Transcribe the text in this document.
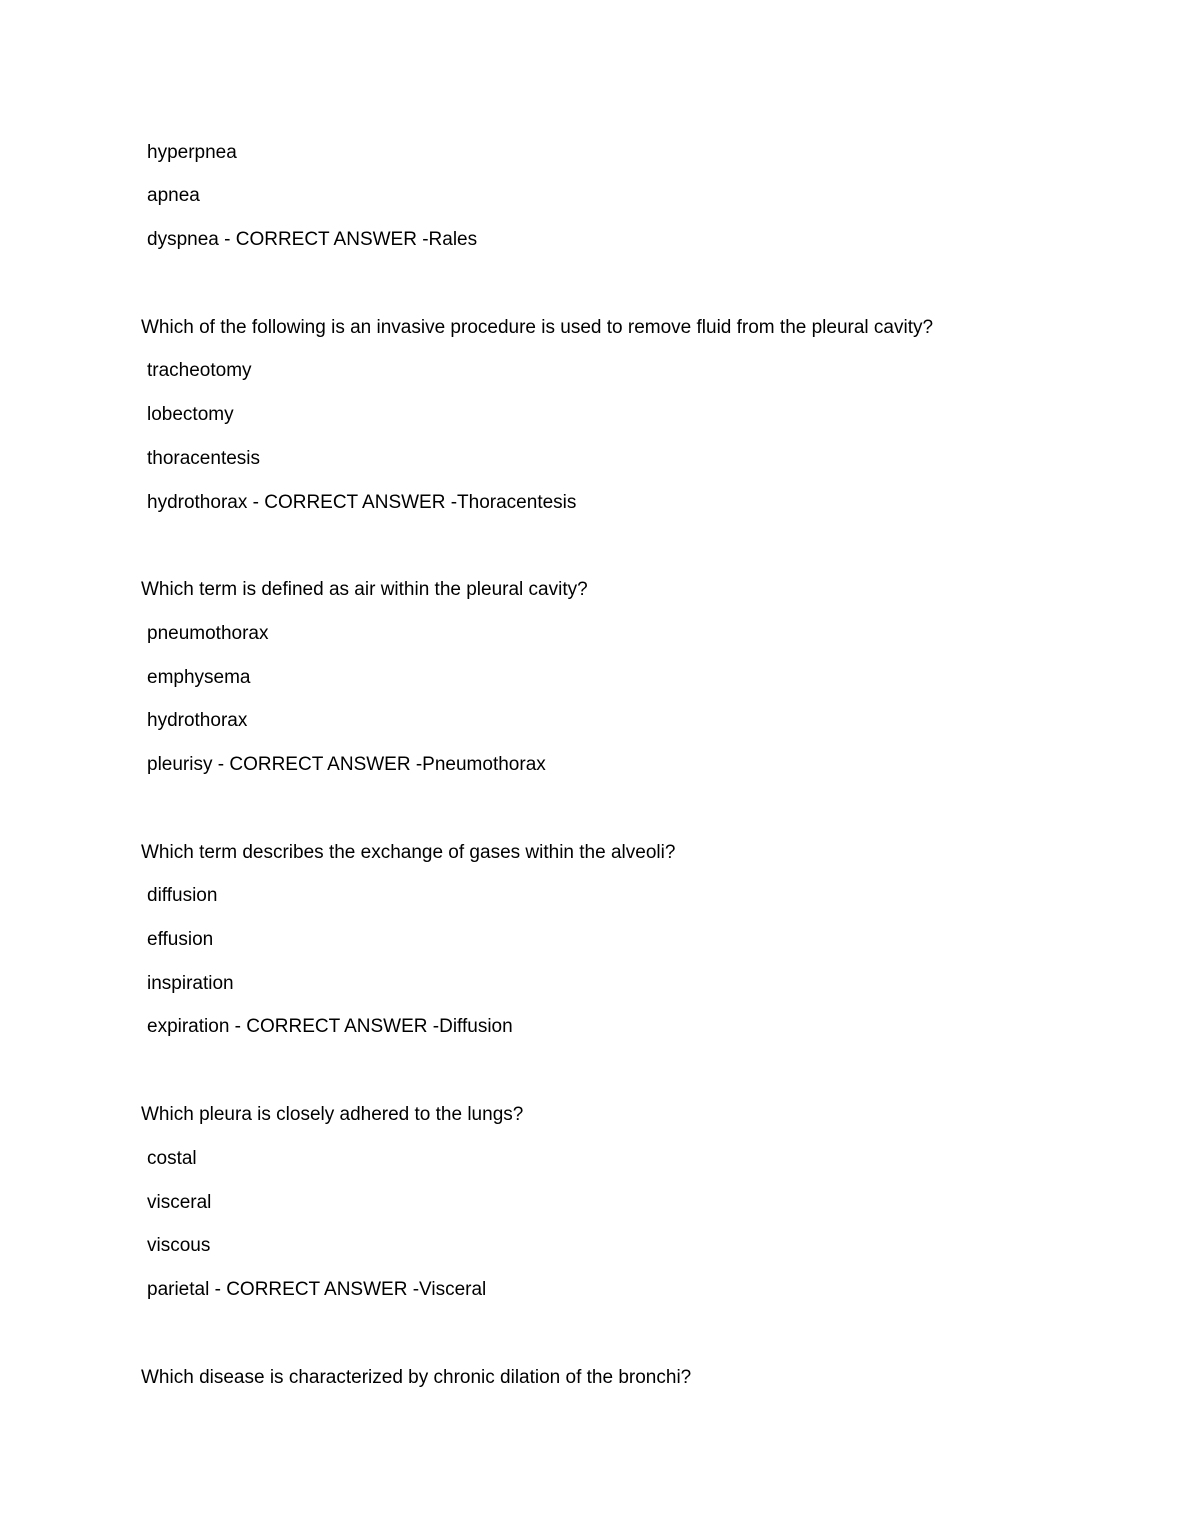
hyperpnea
apnea
dyspnea - CORRECT ANSWER -Rales
Which of the following is an invasive procedure is used to remove fluid from the pleural cavity?
tracheotomy
lobectomy
thoracentesis
hydrothorax - CORRECT ANSWER -Thoracentesis
Which term is defined as air within the pleural cavity?
pneumothorax
emphysema
hydrothorax
pleurisy - CORRECT ANSWER -Pneumothorax
Which term describes the exchange of gases within the alveoli?
diffusion
effusion
inspiration
expiration - CORRECT ANSWER -Diffusion
Which pleura is closely adhered to the lungs?
costal
visceral
viscous
parietal - CORRECT ANSWER -Visceral
Which disease is characterized by chronic dilation of the bronchi?
